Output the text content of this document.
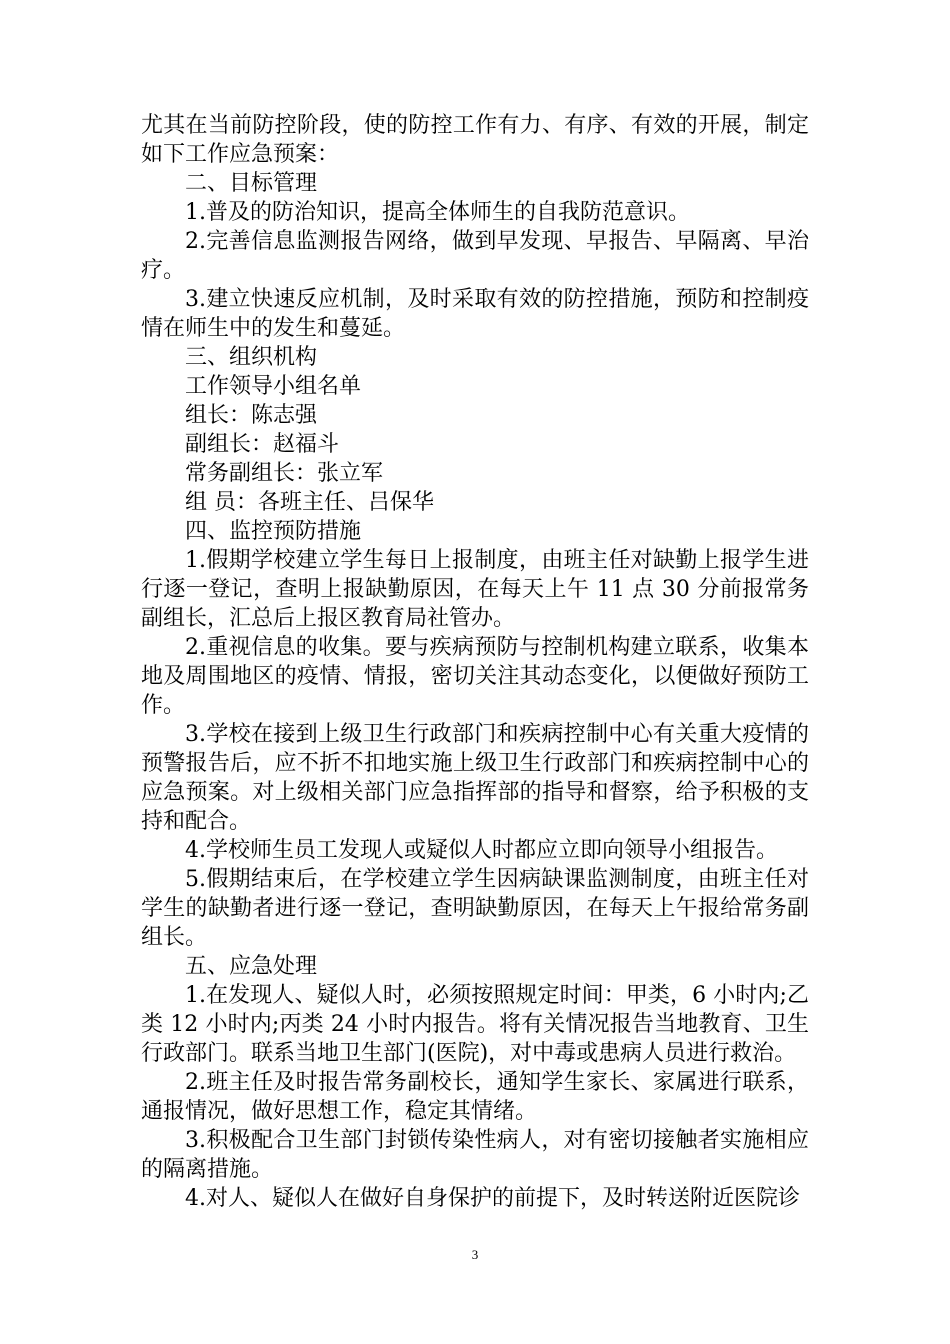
尤其在当前防控阶段，使的防控工作有力、有序、有效的开展，制定如下工作应急预案：

二、目标管理

1.普及的防治知识，提高全体师生的自我防范意识。

2.完善信息监测报告网络，做到早发现、早报告、早隔离、早治疗。

3.建立快速反应机制，及时采取有效的防控措施，预防和控制疫情在师生中的发生和蔓延。

三、组织机构

工作领导小组名单

组长：陈志强

副组长：赵福斗

常务副组长：张立军

组 员：各班主任、吕保华

四、监控预防措施

1.假期学校建立学生每日上报制度，由班主任对缺勤上报学生进行逐一登记，查明上报缺勤原因，在每天上午 11 点 30 分前报常务副组长，汇总后上报区教育局社管办。

2.重视信息的收集。要与疾病预防与控制机构建立联系，收集本地及周围地区的疫情、情报，密切关注其动态变化，以便做好预防工作。

3.学校在接到上级卫生行政部门和疾病控制中心有关重大疫情的预警报告后，应不折不扣地实施上级卫生行政部门和疾病控制中心的应急预案。对上级相关部门应急指挥部的指导和督察，给予积极的支持和配合。

4.学校师生员工发现人或疑似人时都应立即向领导小组报告。

5.假期结束后，在学校建立学生因病缺课监测制度，由班主任对学生的缺勤者进行逐一登记，查明缺勤原因，在每天上午报给常务副组长。

五、应急处理

1.在发现人、疑似人时，必须按照规定时间：甲类，6 小时内;乙类 12 小时内;丙类 24 小时内报告。将有关情况报告当地教育、卫生行政部门。联系当地卫生部门(医院)，对中毒或患病人员进行救治。

2.班主任及时报告常务副校长，通知学生家长、家属进行联系，通报情况，做好思想工作，稳定其情绪。

3.积极配合卫生部门封锁传染性病人，对有密切接触者实施相应的隔离措施。

4.对人、疑似人在做好自身保护的前提下，及时转送附近医院诊

3
